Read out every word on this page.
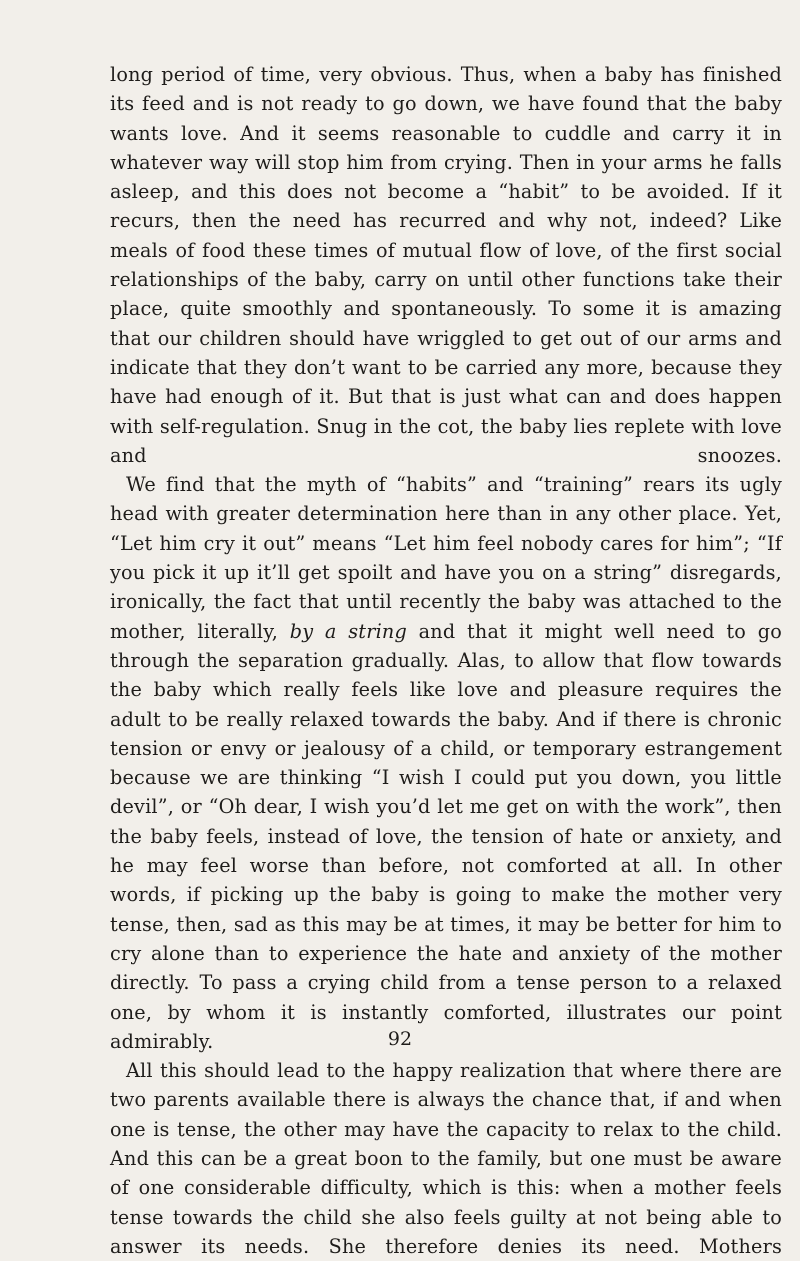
long period of time, very obvious. Thus, when a baby has finished its feed and is not ready to go down, we have found that the baby wants love. And it seems reasonable to cuddle and carry it in whatever way will stop him from crying. Then in your arms he falls asleep, and this does not become a “habit” to be avoided. If it recurs, then the need has recurred and why not, indeed? Like meals of food these times of mutual flow of love, of the first social relationships of the baby, carry on until other functions take their place, quite smoothly and spontaneously. To some it is amazing that our children should have wriggled to get out of our arms and indicate that they don’t want to be carried any more, because they have had enough of it. But that is just what can and does happen with self-regulation. Snug in the cot, the baby lies replete with love and snoozes.

We find that the myth of “habits” and “training” rears its ugly head with greater determination here than in any other place. Yet, “Let him cry it out” means “Let him feel nobody cares for him”; “If you pick it up it’ll get spoilt and have you on a string” disregards, ironically, the fact that until recently the baby was attached to the mother, literally, by a string and that it might well need to go through the separation gradually. Alas, to allow that flow towards the baby which really feels like love and pleasure requires the adult to be really relaxed towards the baby. And if there is chronic tension or envy or jealousy of a child, or temporary estrangement because we are thinking “I wish I could put you down, you little devil”, or “Oh dear, I wish you’d let me get on with the work”, then the baby feels, instead of love, the tension of hate or anxiety, and he may feel worse than before, not comforted at all. In other words, if picking up the baby is going to make the mother very tense, then, sad as this may be at times, it may be better for him to cry alone than to experience the hate and anxiety of the mother directly. To pass a crying child from a tense person to a relaxed one, by whom it is instantly comforted, illustrates our point admirably.

All this should lead to the happy realization that where there are two parents available there is always the chance that, if and when one is tense, the other may have the capacity to relax to the child. And this can be a great boon to the family, but one must be aware of one considerable difficulty, which is this: when a mother feels tense towards the child she also feels guilty at not being able to answer its needs. She therefore denies its need. Mothers

92
